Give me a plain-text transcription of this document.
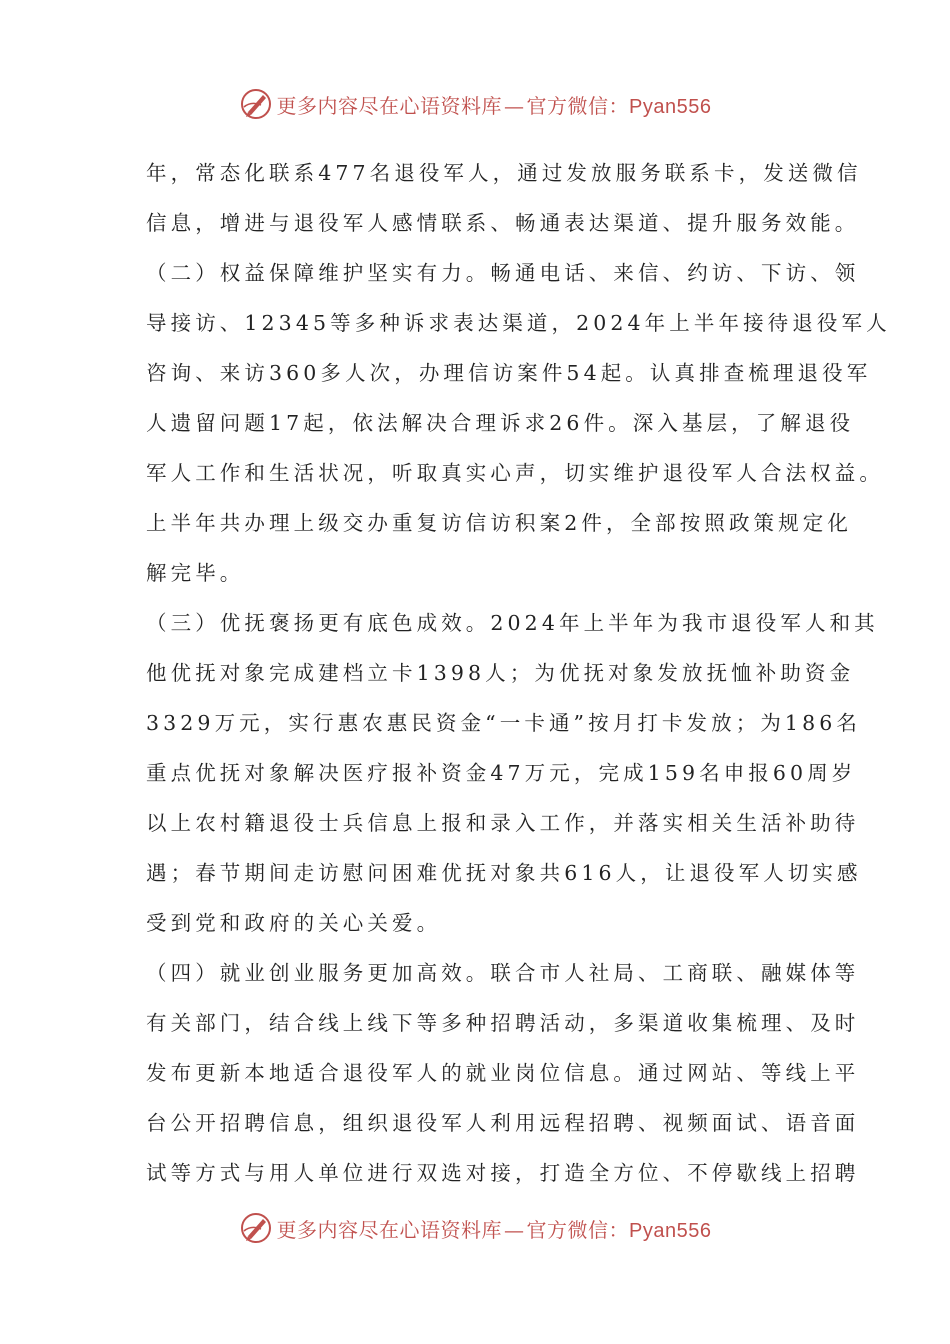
更多内容尽在心语资料库 — 官方微信：Pyan556
年，常态化联系477名退役军人，通过发放服务联系卡，发送微信
信息，增进与退役军人感情联系、畅通表达渠道、提升服务效能。
（二）权益保障维护坚实有力。畅通电话、来信、约访、下访、领
导接访、12345等多种诉求表达渠道，2024年上半年接待退役军人
咨询、来访360多人次，办理信访案件54起。认真排查梳理退役军
人遗留问题17起，依法解决合理诉求26件。深入基层，了解退役
军人工作和生活状况，听取真实心声，切实维护退役军人合法权益。
上半年共办理上级交办重复访信访积案2件，全部按照政策规定化
解完毕。
（三）优抚褒扬更有底色成效。2024年上半年为我市退役军人和其
他优抚对象完成建档立卡1398人；为优抚对象发放抚恤补助资金
3329万元，实行惠农惠民资金“一卡通”按月打卡发放；为186名
重点优抚对象解决医疗报补资金47万元，完成159名申报60周岁
以上农村籍退役士兵信息上报和录入工作，并落实相关生活补助待
遇；春节期间走访慰问困难优抚对象共616人，让退役军人切实感
受到党和政府的关心关爱。
（四）就业创业服务更加高效。联合市人社局、工商联、融媒体等
有关部门，结合线上线下等多种招聘活动，多渠道收集梳理、及时
发布更新本地适合退役军人的就业岗位信息。通过网站、等线上平
台公开招聘信息，组织退役军人利用远程招聘、视频面试、语音面
试等方式与用人单位进行双选对接，打造全方位、不停歇线上招聘
更多内容尽在心语资料库 — 官方微信：Pyan556
